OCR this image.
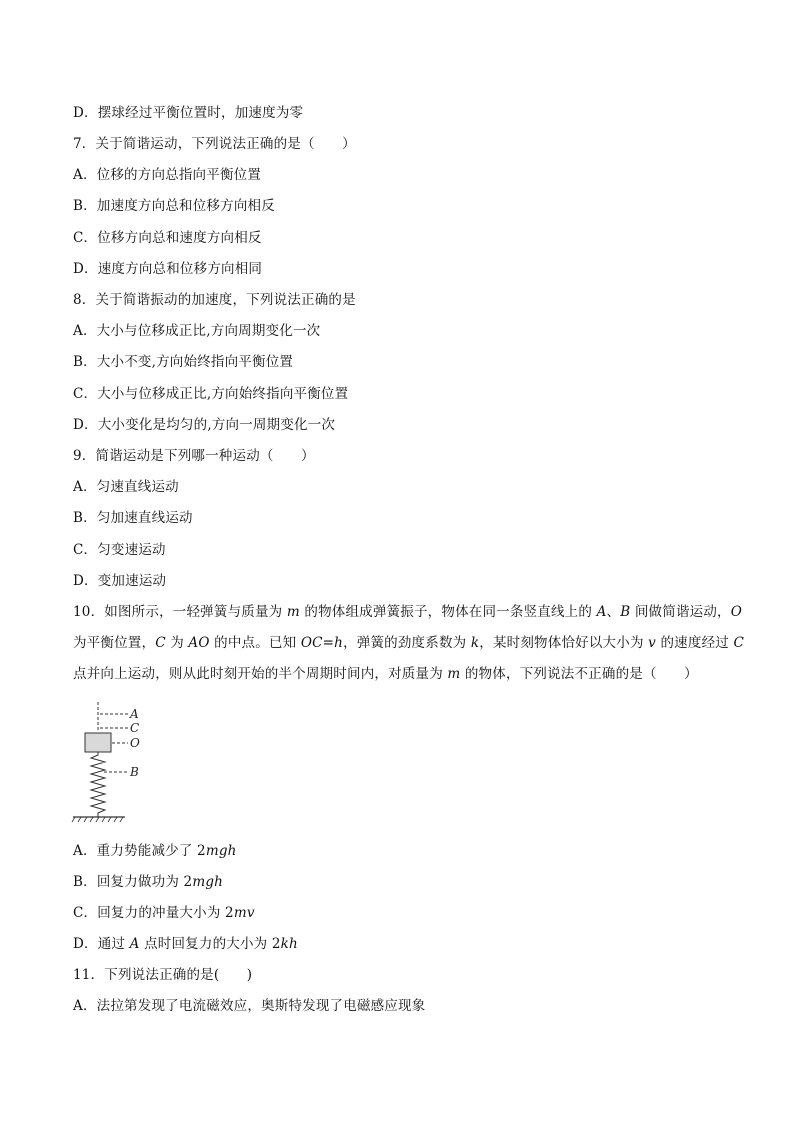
D．摆球经过平衡位置时，加速度为零
7．关于简谐运动，下列说法正确的是（　　）
A．位移的方向总指向平衡位置
B．加速度方向总和位移方向相反
C．位移方向总和速度方向相反
D．速度方向总和位移方向相同
8．关于简谐振动的加速度，下列说法正确的是
A．大小与位移成正比,方向周期变化一次
B．大小不变,方向始终指向平衡位置
C．大小与位移成正比,方向始终指向平衡位置
D．大小变化是均匀的,方向一周期变化一次
9．简谐运动是下列哪一种运动（　　）
A．匀速直线运动
B．匀加速直线运动
C．匀变速运动
D．变加速运动
10．如图所示，一轻弹簧与质量为 m 的物体组成弹簧振子，物体在同一条竖直线上的 A、B 间做简谐运动，O
为平衡位置，C 为 AO 的中点。已知 OC=h，弹簧的劲度系数为 k，某时刻物体恰好以大小为 v 的速度经过 C
点并向上运动，则从此时刻开始的半个周期时间内，对质量为 m 的物体，下列说法不正确的是（　　）
A
C
O
B
A．重力势能减少了 2mgh
B．回复力做功为 2mgh
C．回复力的冲量大小为 2mv
D．通过 A 点时回复力的大小为 2kh
11．下列说法正确的是(　　)
A．法拉第发现了电流磁效应，奥斯特发现了电磁感应现象
